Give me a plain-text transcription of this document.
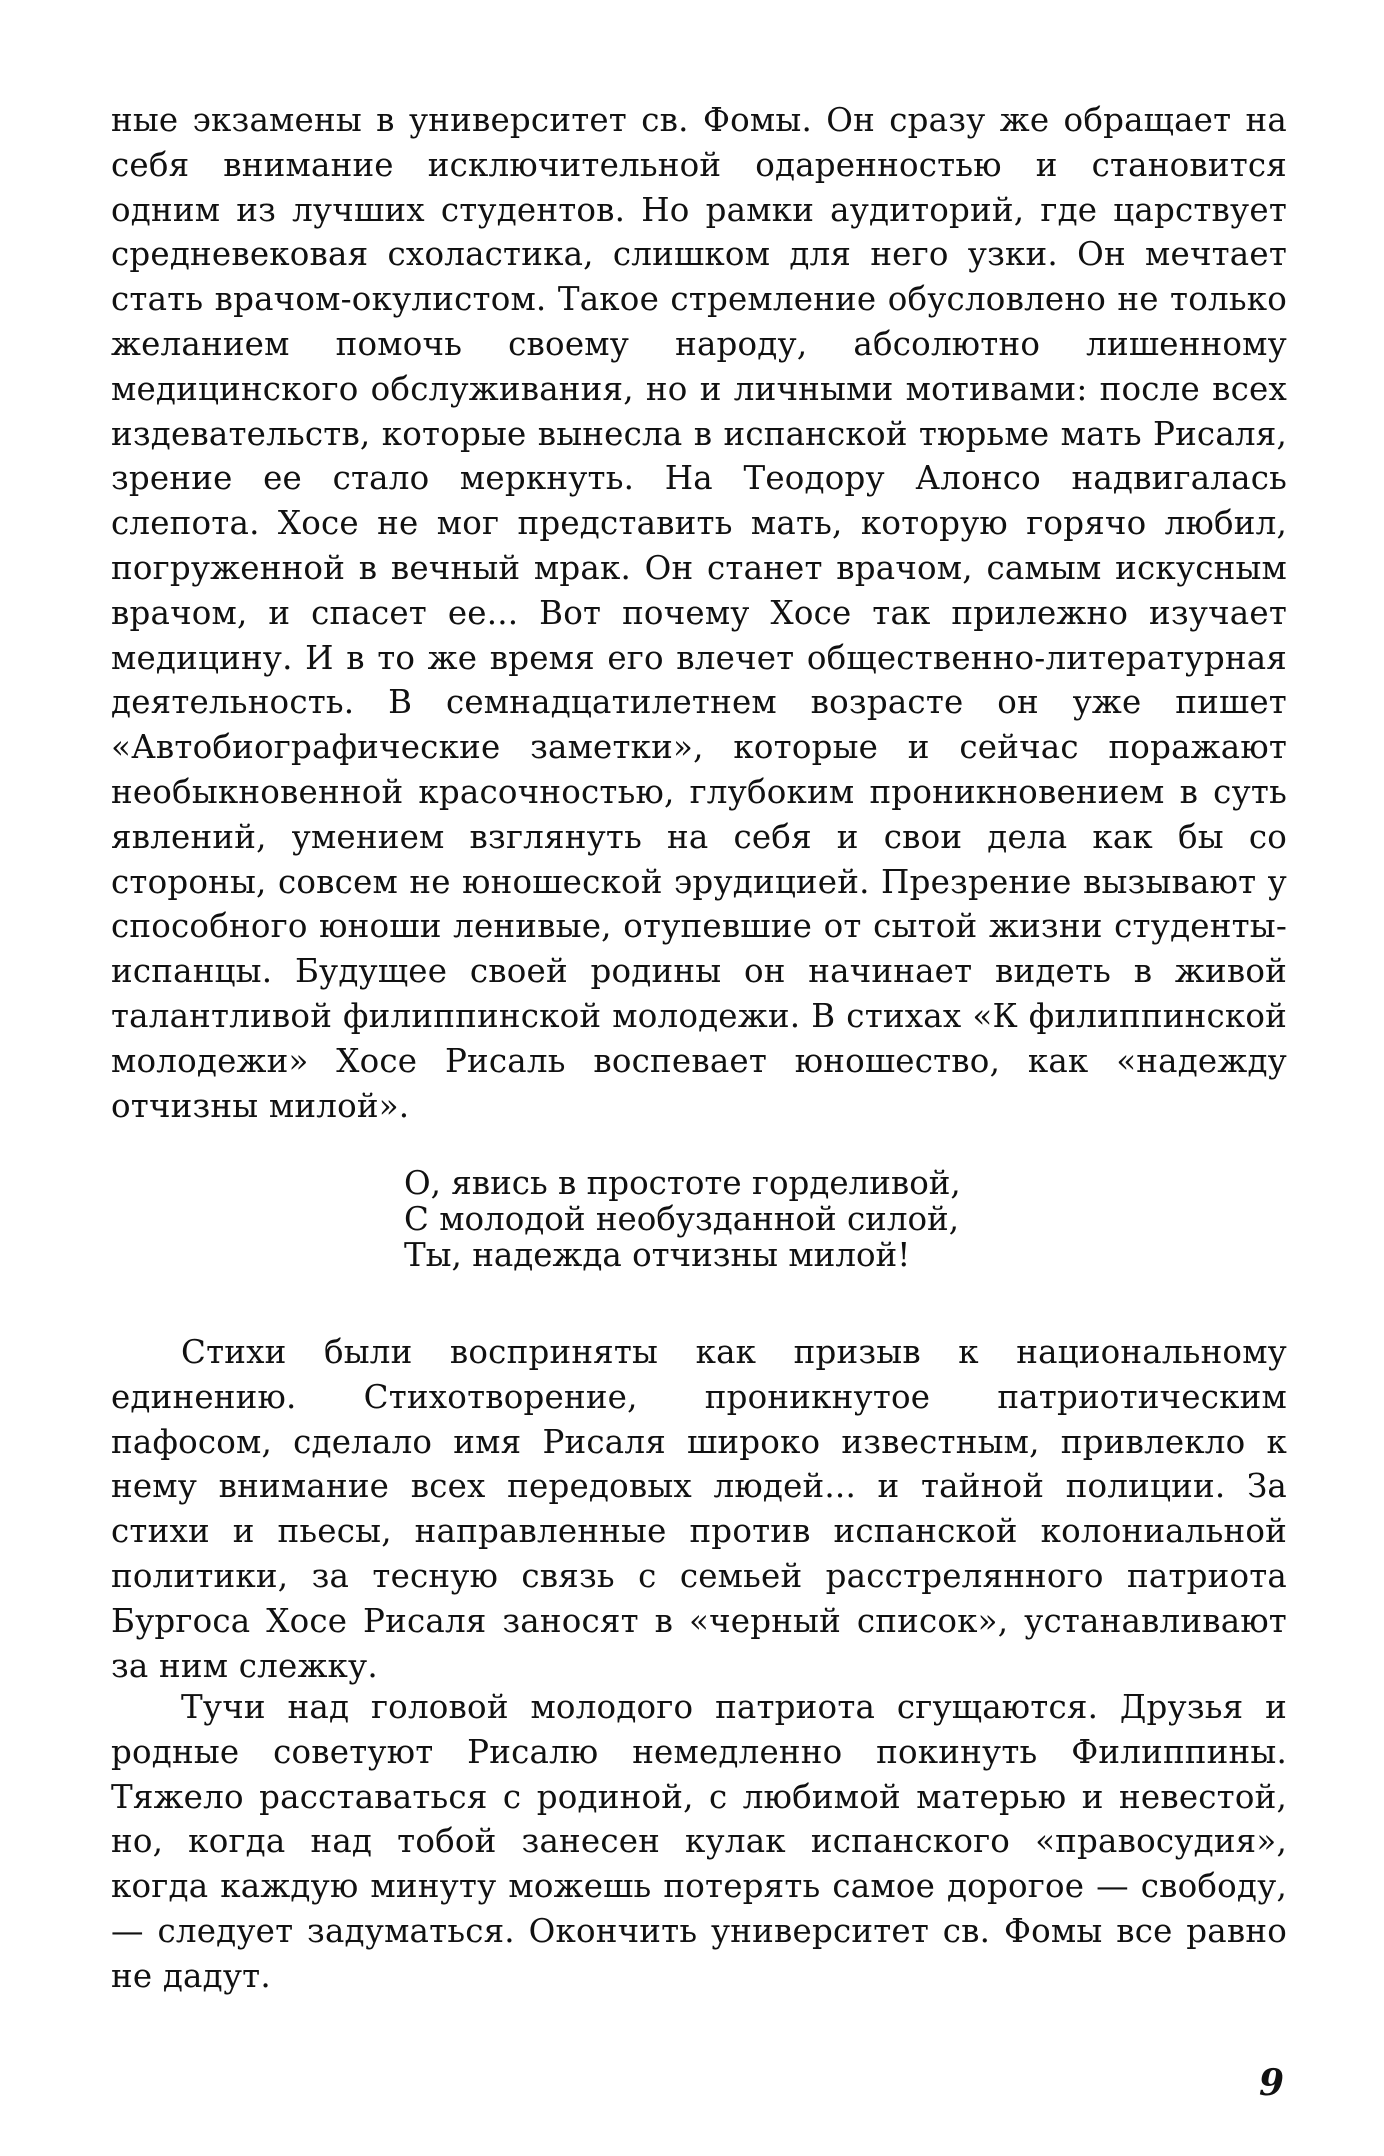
ные экзамены в университет св. Фомы. Он сразу же обращает на себя внимание исключительной одаренностью и становится одним из лучших студентов. Но рамки аудиторий, где царствует средневековая схоластика, слишком для него узки. Он мечтает стать врачом-окулистом. Такое стремление обусловлено не только желанием помочь своему народу, абсолютно лишенному медицинского обслуживания, но и личными мотивами: после всех издевательств, которые вынесла в испанской тюрьме мать Рисаля, зрение ее стало меркнуть. На Теодору Алонсо надвигалась слепота. Хосе не мог представить мать, которую горячо любил, погруженной в вечный мрак. Он станет врачом, самым искусным врачом, и спасет ее... Вот почему Хосе так прилежно изучает медицину. И в то же время его влечет общественно-литературная деятельность. В семнадцатилетнем возрасте он уже пишет «Автобиографические заметки», которые и сейчас поражают необыкновенной красочностью, глубоким проникновением в суть явлений, умением взглянуть на себя и свои дела как бы со стороны, совсем не юношеской эрудицией. Презрение вызывают у способного юноши ленивые, отупевшие от сытой жизни студенты-испанцы. Будущее своей родины он начинает видеть в живой талантливой филиппинской молодежи. В стихах «К филиппинской молодежи» Хосе Рисаль воспевает юношество, как «надежду отчизны милой».

О, явись в простоте горделивой,
С молодой необузданной силой,
Ты, надежда отчизны милой!

Стихи были восприняты как призыв к национальному единению. Стихотворение, проникнутое патриотическим пафосом, сделало имя Рисаля широко известным, привлекло к нему внимание всех передовых людей... и тайной полиции. За стихи и пьесы, направленные против испанской колониальной политики, за тесную связь с семьей расстрелянного патриота Бургоса Хосе Рисаля заносят в «черный список», устанавливают за ним слежку.

Тучи над головой молодого патриота сгущаются. Друзья и родные советуют Рисалю немедленно покинуть Филиппины. Тяжело расставаться с родиной, с любимой матерью и невестой, но, когда над тобой занесен кулак испанского «правосудия», когда каждую минуту можешь потерять самое дорогое — свободу,— следует задуматься. Окончить университет св. Фомы все равно не дадут.

9
